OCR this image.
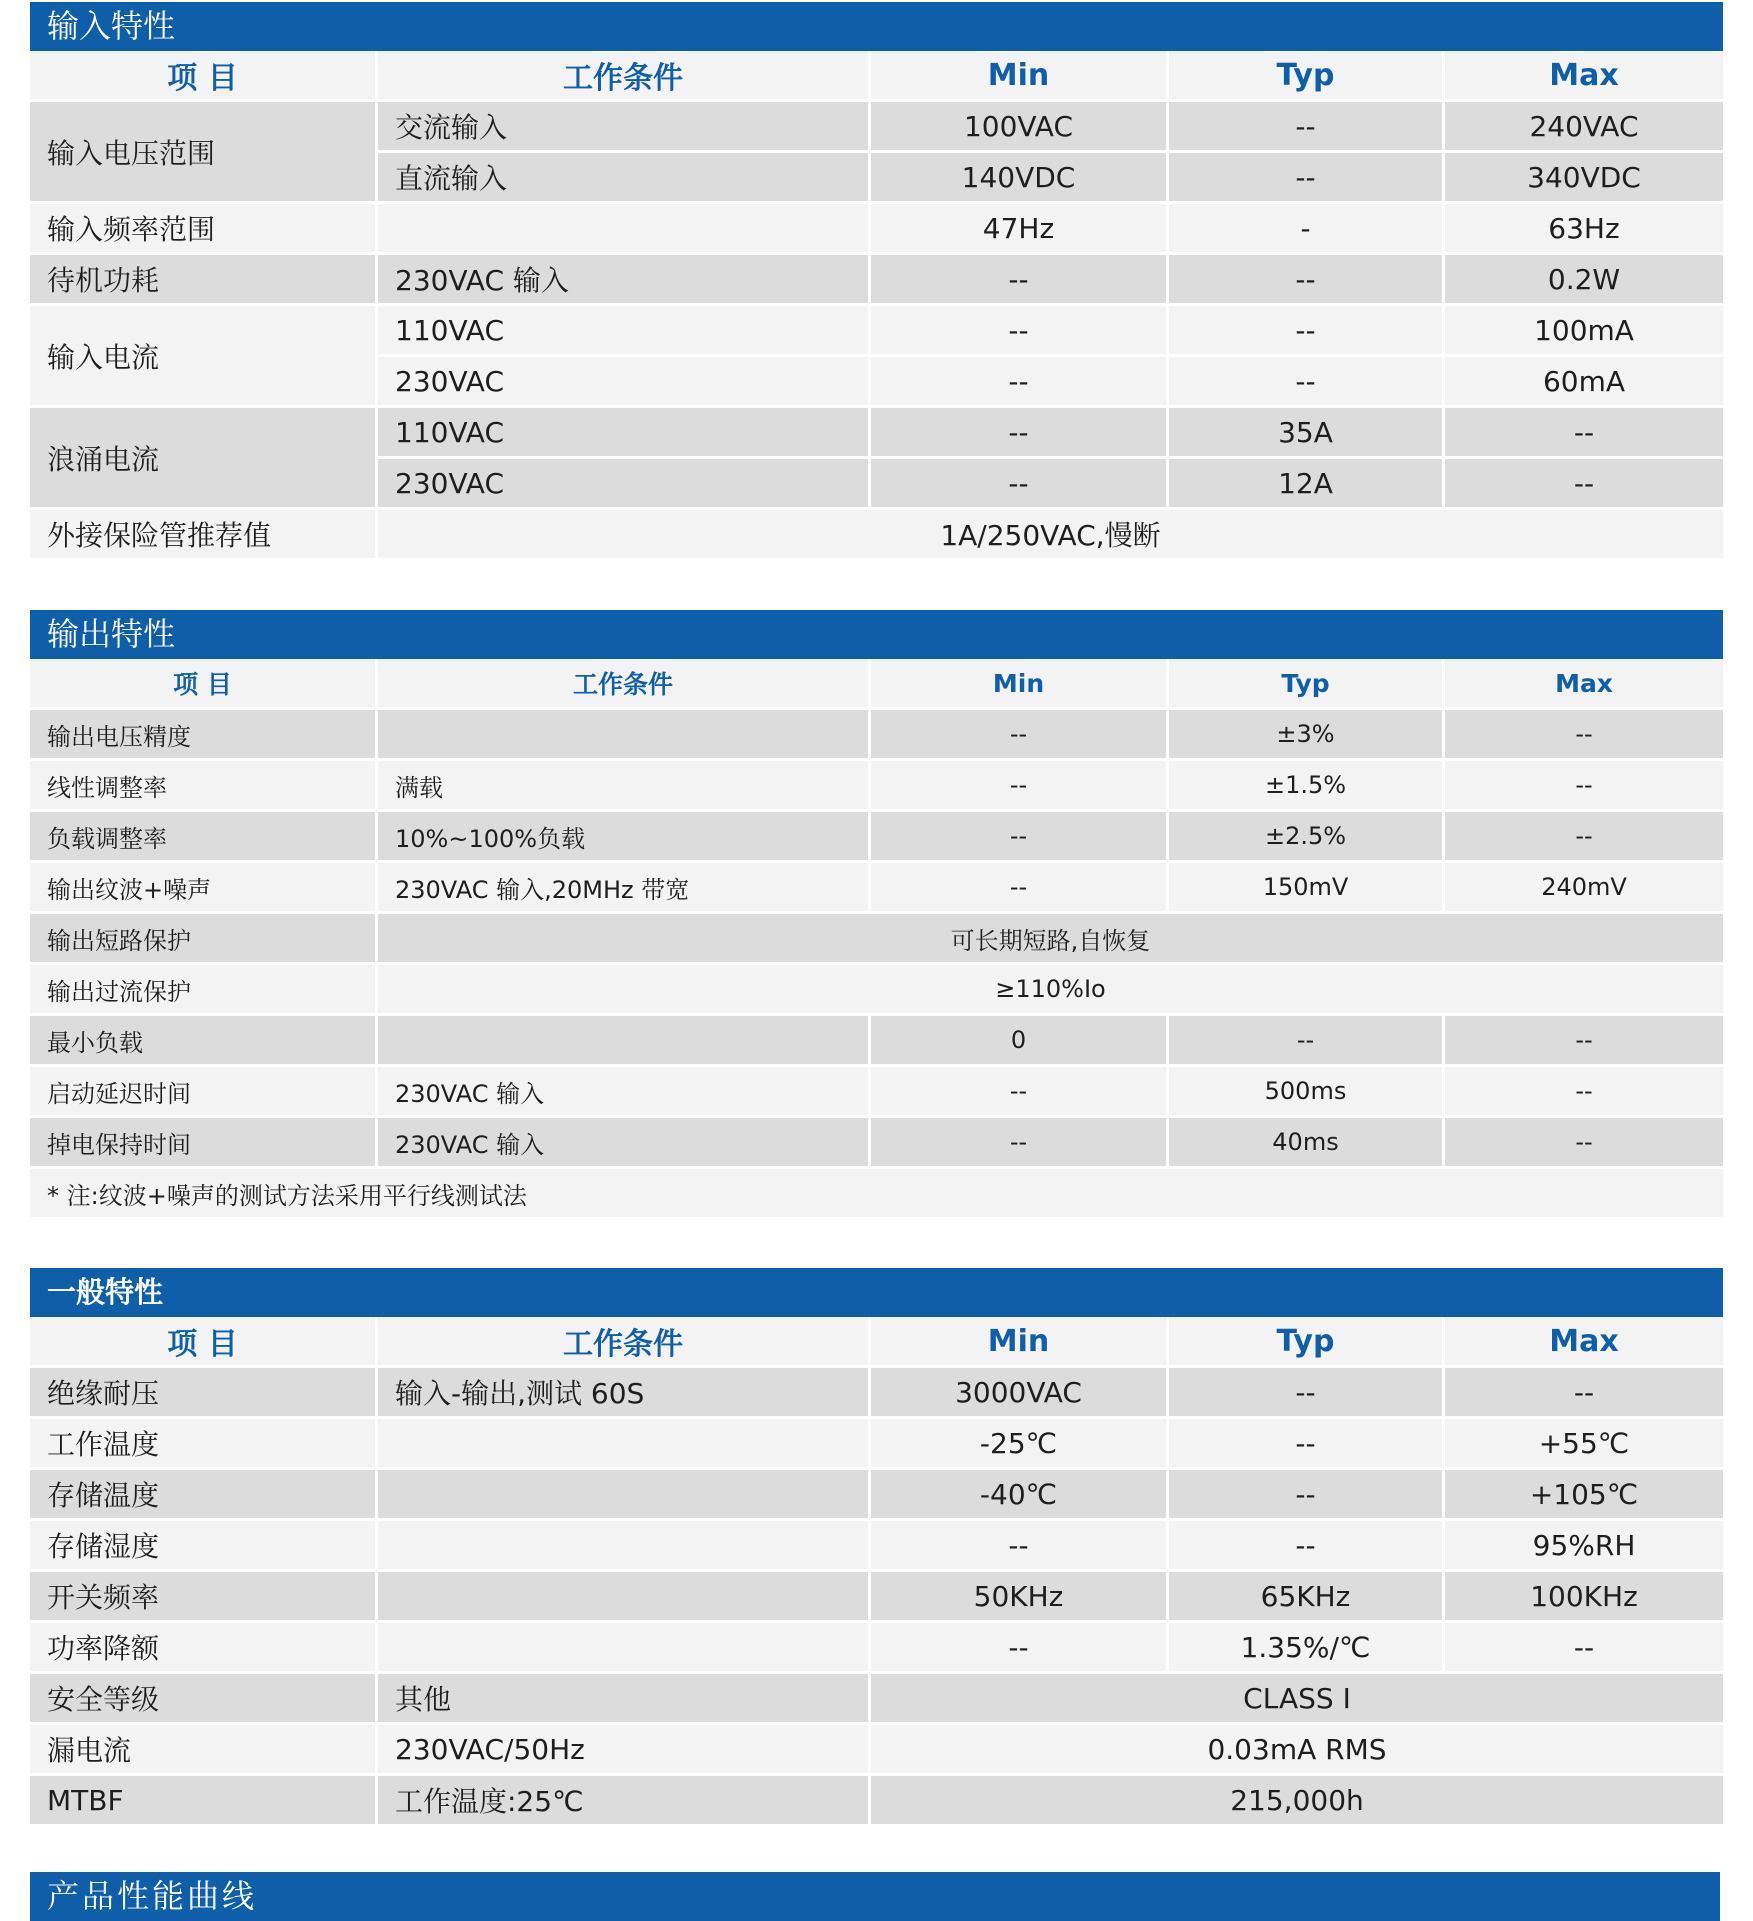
输入特性
项 目	工作条件	Min	Typ	Max
输入电压范围	交流输入	100VAC	--	240VAC
	直流输入	140VDC	--	340VDC
输入频率范围		47Hz	-	63Hz
待机功耗	230VAC 输入	--	--	0.2W
输入电流	110VAC	--	--	100mA
	230VAC	--	--	60mA
浪涌电流	110VAC	--	35A	--
	230VAC	--	12A	--
外接保险管推荐值	1A/250VAC,慢断			
输出特性
项 目	工作条件	Min	Typ	Max
输出电压精度		--	±3%	--
线性调整率	满载	--	±1.5%	--
负载调整率	10%~100%负载	--	±2.5%	--
输出纹波+噪声	230VAC 输入,20MHz 带宽	--	150mV	240mV
输出短路保护	可长期短路,自恢复			
输出过流保护	≥110%Io			
最小负载		0	--	--
启动延迟时间	230VAC 输入	--	500ms	--
掉电保持时间	230VAC 输入	--	40ms	--
* 注:纹波+噪声的测试方法采用平行线测试法				
一般特性
项 目	工作条件	Min	Typ	Max
绝缘耐压	输入-输出,测试 60S	3000VAC	--	--
工作温度		-25℃	--	+55℃
存储温度		-40℃	--	+105℃
存储湿度		--	--	95%RH
开关频率		50KHz	65KHz	100KHz
功率降额		--	1.35%/℃	--
安全等级	其他	CLASS I		
漏电流	230VAC/50Hz	0.03mA RMS		
MTBF	工作温度:25℃	215,000h		
产品性能曲线
